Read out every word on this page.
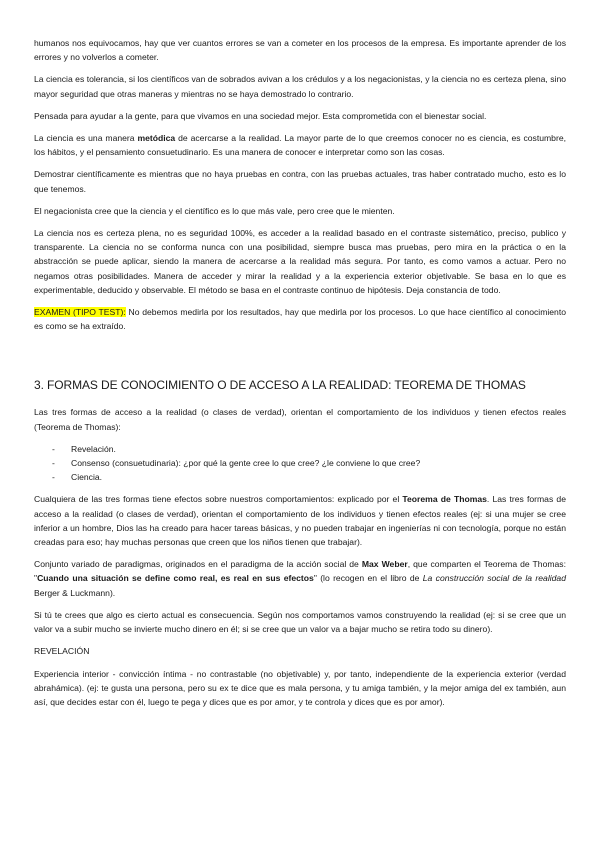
humanos nos equivocamos, hay que ver cuantos errores se van a cometer en los procesos de la empresa. Es importante aprender de los errores y no volverlos a cometer.

La ciencia es tolerancia, si los científicos van de sobrados avivan a los crédulos y a los negacionistas, y la ciencia no es certeza plena, sino mayor seguridad que otras maneras y mientras no se haya demostrado lo contrario.

Pensada para ayudar a la gente, para que vivamos en una sociedad mejor. Esta comprometida con el bienestar social.

La ciencia es una manera metódica de acercarse a la realidad. La mayor parte de lo que creemos conocer no es ciencia, es costumbre, los hábitos, y el pensamiento consuetudinario. Es una manera de conocer e interpretar como son las cosas.

Demostrar científicamente es mientras que no haya pruebas en contra, con las pruebas actuales, tras haber contratado mucho, esto es lo que tenemos.

El negacionista cree que la ciencia y el científico es lo que más vale, pero cree que le mienten.

La ciencia nos es certeza plena, no es seguridad 100%, es acceder a la realidad basado en el contraste sistemático, preciso, publico y transparente. La ciencia no se conforma nunca con una posibilidad, siempre busca mas pruebas, pero mira en la práctica o en la abstracción se puede aplicar, siendo la manera de acercarse a la realidad más segura. Por tanto, es como vamos a actuar. Pero no negamos otras posibilidades. Manera de acceder y mirar la realidad y a la experiencia exterior objetivable. Se basa en lo que es experimentable, deducido y observable. El método se basa en el contraste continuo de hipótesis. Deja constancia de todo.

EXAMEN (TIPO TEST): No debemos medirla por los resultados, hay que medirla por los procesos. Lo que hace científico al conocimiento es como se ha extraído.

3. FORMAS DE CONOCIMIENTO O DE ACCESO A LA REALIDAD: TEOREMA DE THOMAS

Las tres formas de acceso a la realidad (o clases de verdad), orientan el comportamiento de los individuos y tienen efectos reales (Teorema de Thomas):

- Revelación.
- Consenso (consuetudinaria): ¿por qué la gente cree lo que cree? ¿le conviene lo que cree?
- Ciencia.

Cualquiera de las tres formas tiene efectos sobre nuestros comportamientos: explicado por el Teorema de Thomas. Las tres formas de acceso a la realidad (o clases de verdad), orientan el comportamiento de los individuos y tienen efectos reales (ej: si una mujer se cree inferior a un hombre, Dios las ha creado para hacer tareas básicas, y no pueden trabajar en ingenierías ni con tecnología, porque no están creadas para eso; hay muchas personas que creen que los niños tienen que trabajar).

Conjunto variado de paradigmas, originados en el paradigma de la acción social de Max Weber, que comparten el Teorema de Thomas: "Cuando una situación se define como real, es real en sus efectos" (lo recogen en el libro de La construcción social de la realidad Berger & Luckmann).

Si tú te crees que algo es cierto actual es consecuencia. Según nos comportamos vamos construyendo la realidad (ej: si se cree que un valor va a subir mucho se invierte mucho dinero en él; si se cree que un valor va a bajar mucho se retira todo su dinero).

REVELACIÓN

Experiencia interior - convicción íntima - no contrastable (no objetivable) y, por tanto, independiente de la experiencia exterior (verdad abrahámica). (ej: te gusta una persona, pero su ex te dice que es mala persona, y tu amiga también, y la mejor amiga del ex también, aun así, que decides estar con él, luego te pega y dices que es por amor, y te controla y dices que es por amor).
